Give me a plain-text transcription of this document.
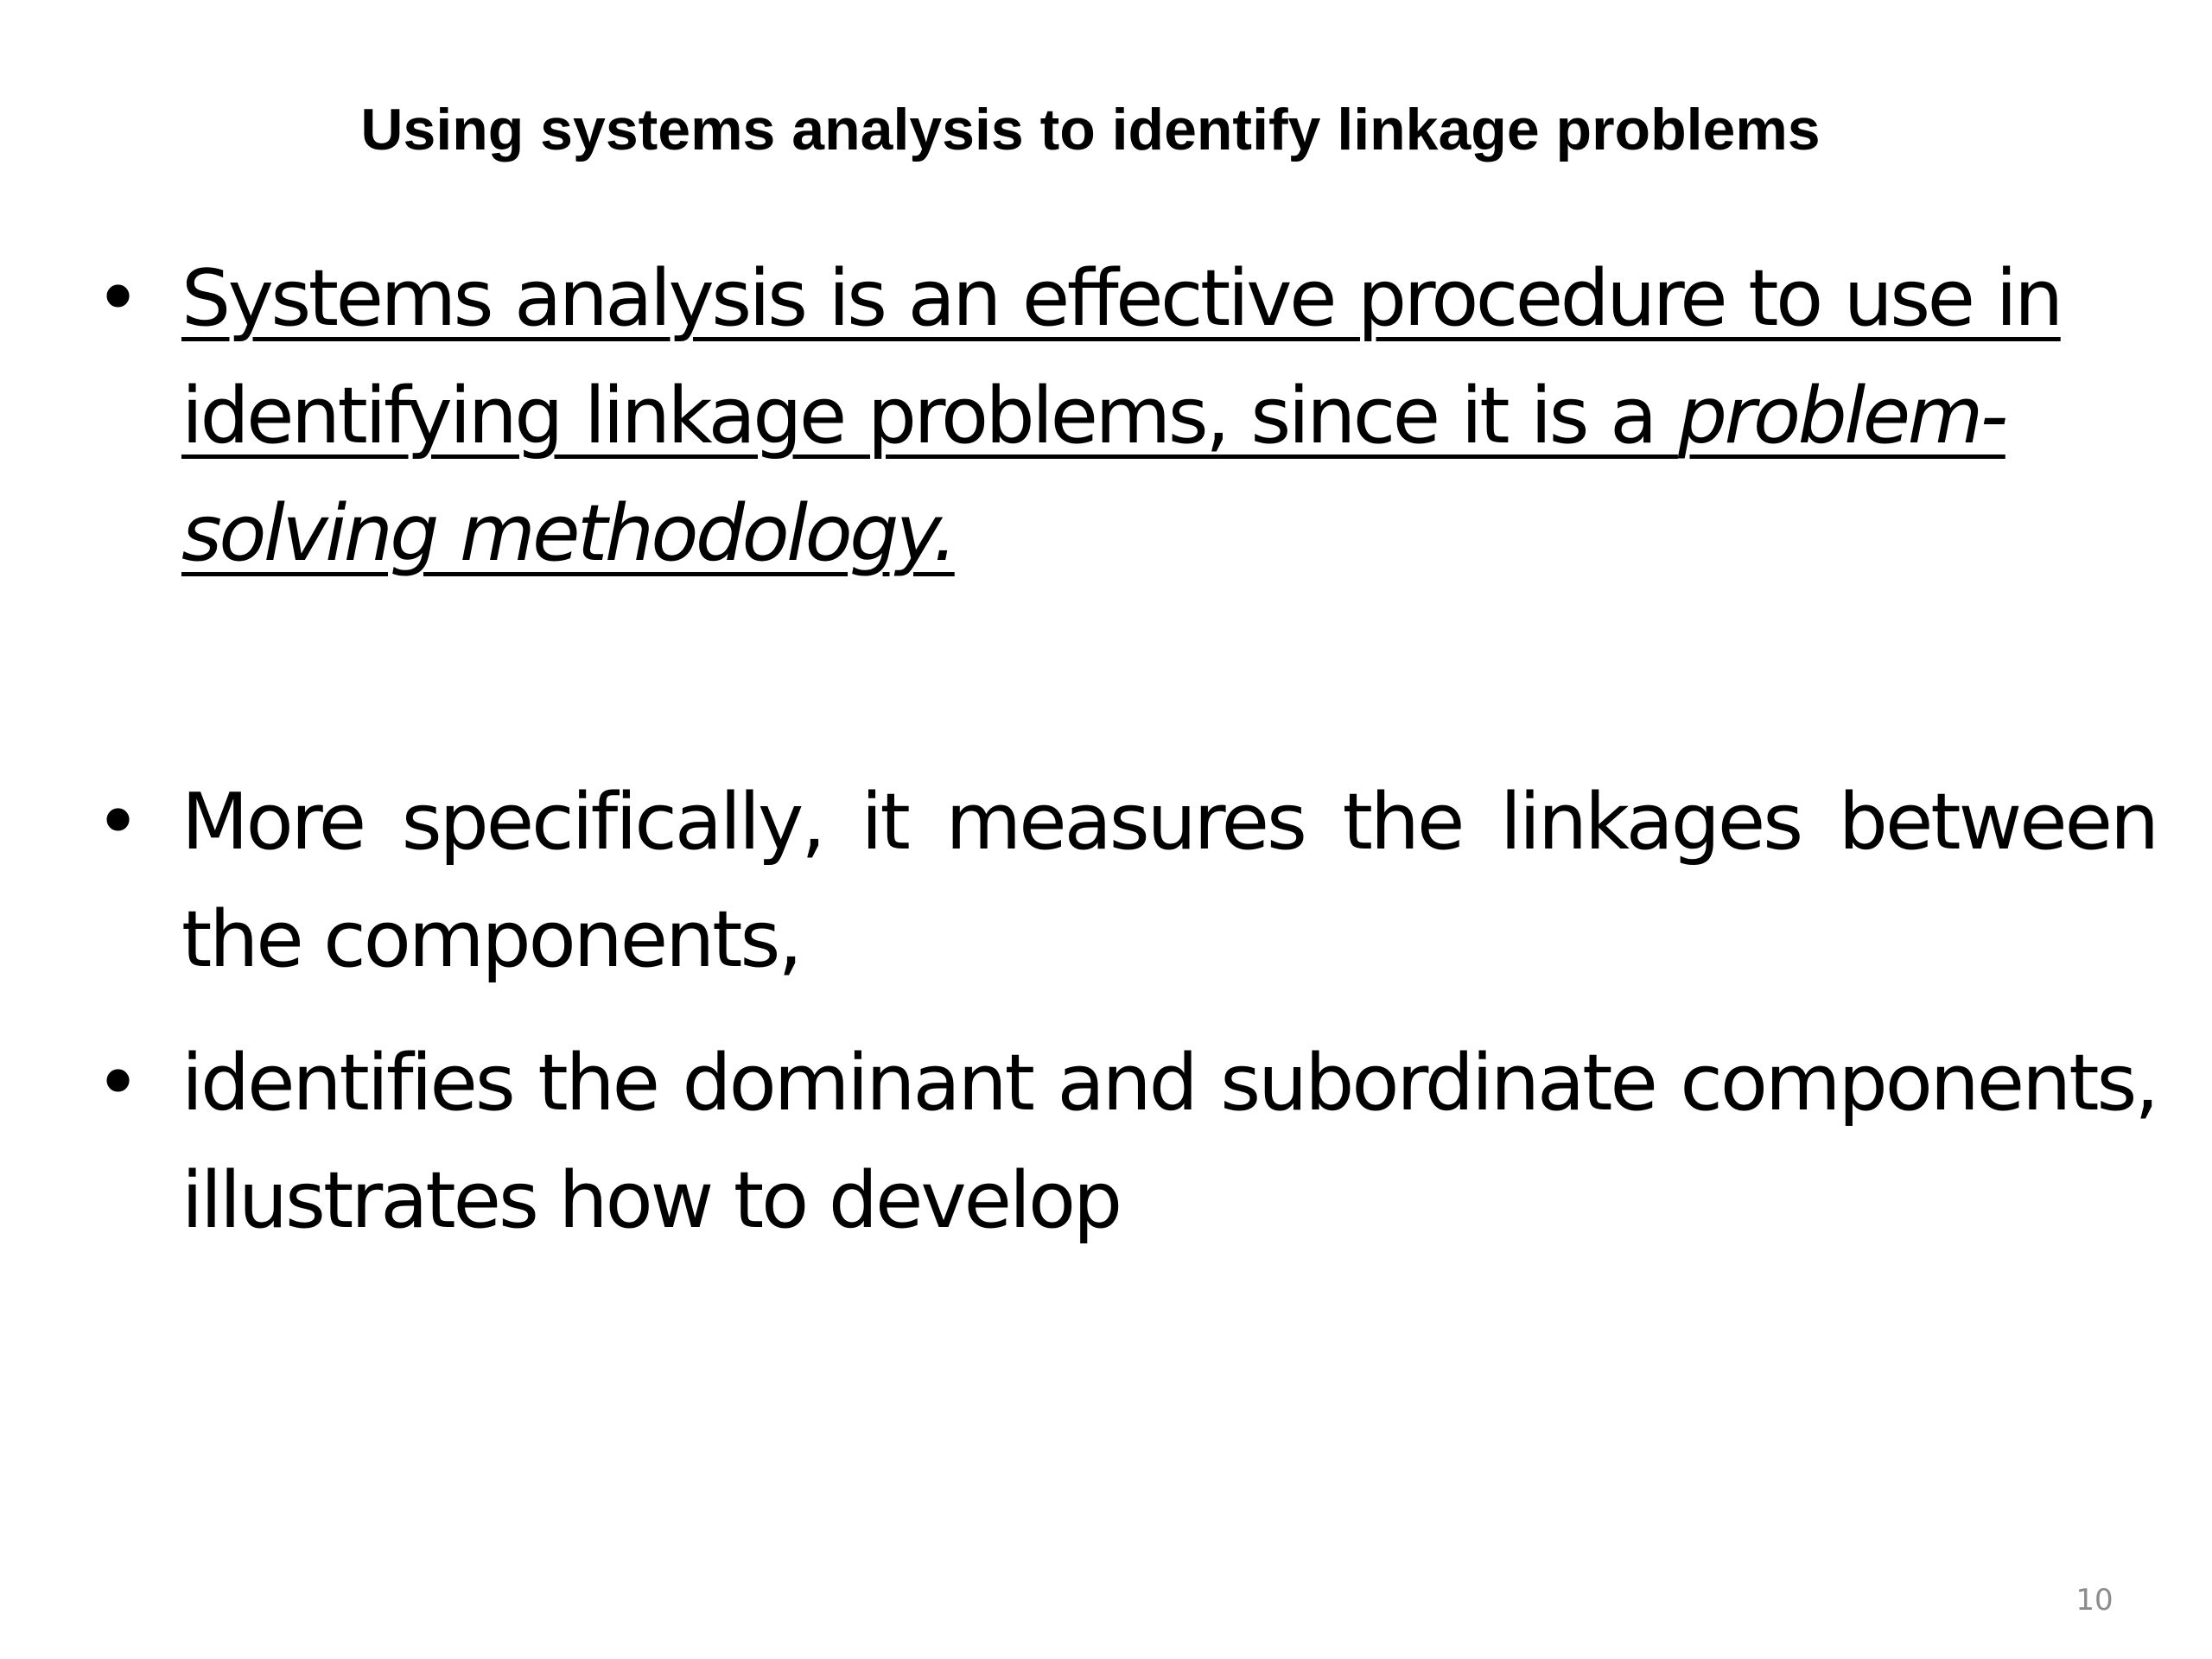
Using systems analysis to identify linkage problems
• Systems analysis is an effective procedure to use in identifying linkage problems, since it is a problem-solving methodology.
• More specifically, it measures the linkages between the components,
• identifies the dominant and subordinate components, illustrates how to develop
10
